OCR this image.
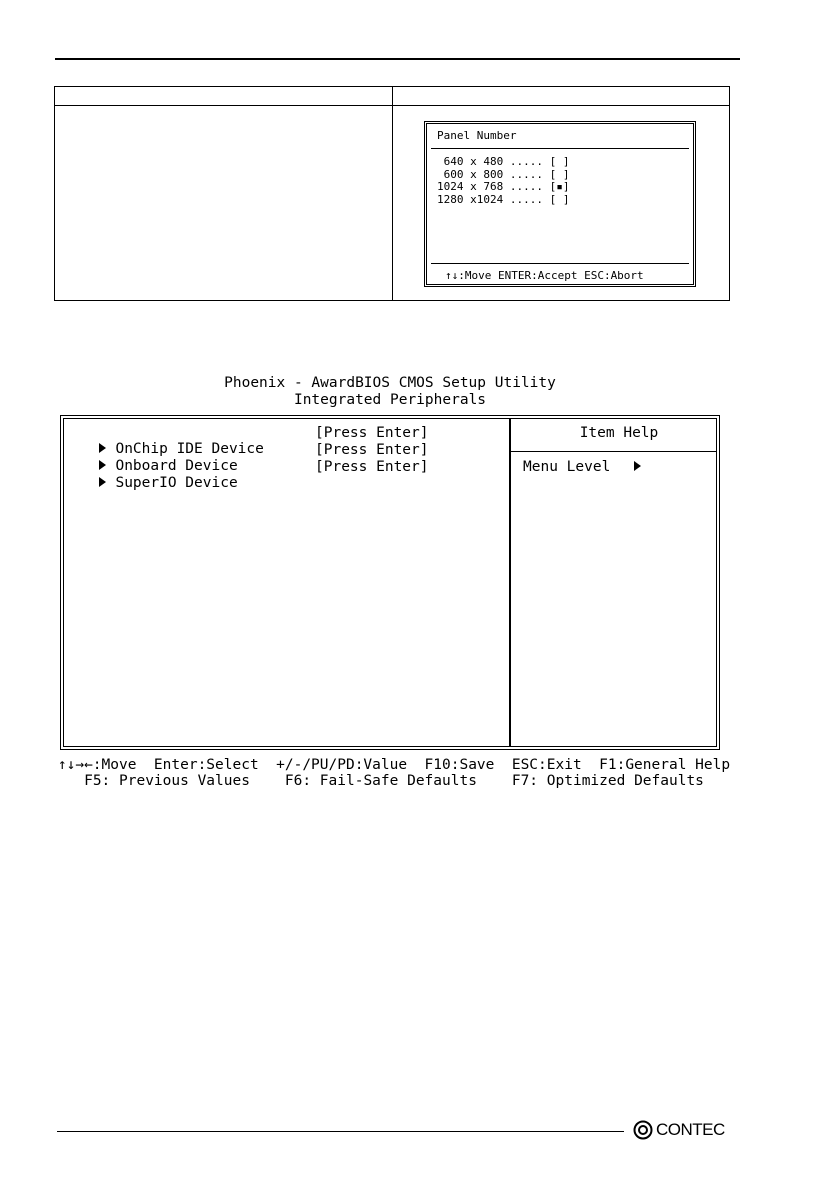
Panel Number
640 x 480 ..... [ ]
600 x 800 ..... [ ]
1024 x 768 ..... [▪]
1280 x1024 ..... [ ]
↑↓:Move ENTER:Accept ESC:Abort
Phoenix - AwardBIOS CMOS Setup Utility
Integrated Peripherals

OnChip IDE Device

[Press Enter]

Onboard Device

[Press Enter]

SuperIO Device

[Press Enter]

Item Help
Menu Level
↑↓→←:Move  Enter:Select  +/-/PU/PD:Value  F10:Save  ESC:Exit  F1:General Help
F5: Previous Values    F6: Fail-Safe Defaults    F7: Optimized Defaults
CONTEC
